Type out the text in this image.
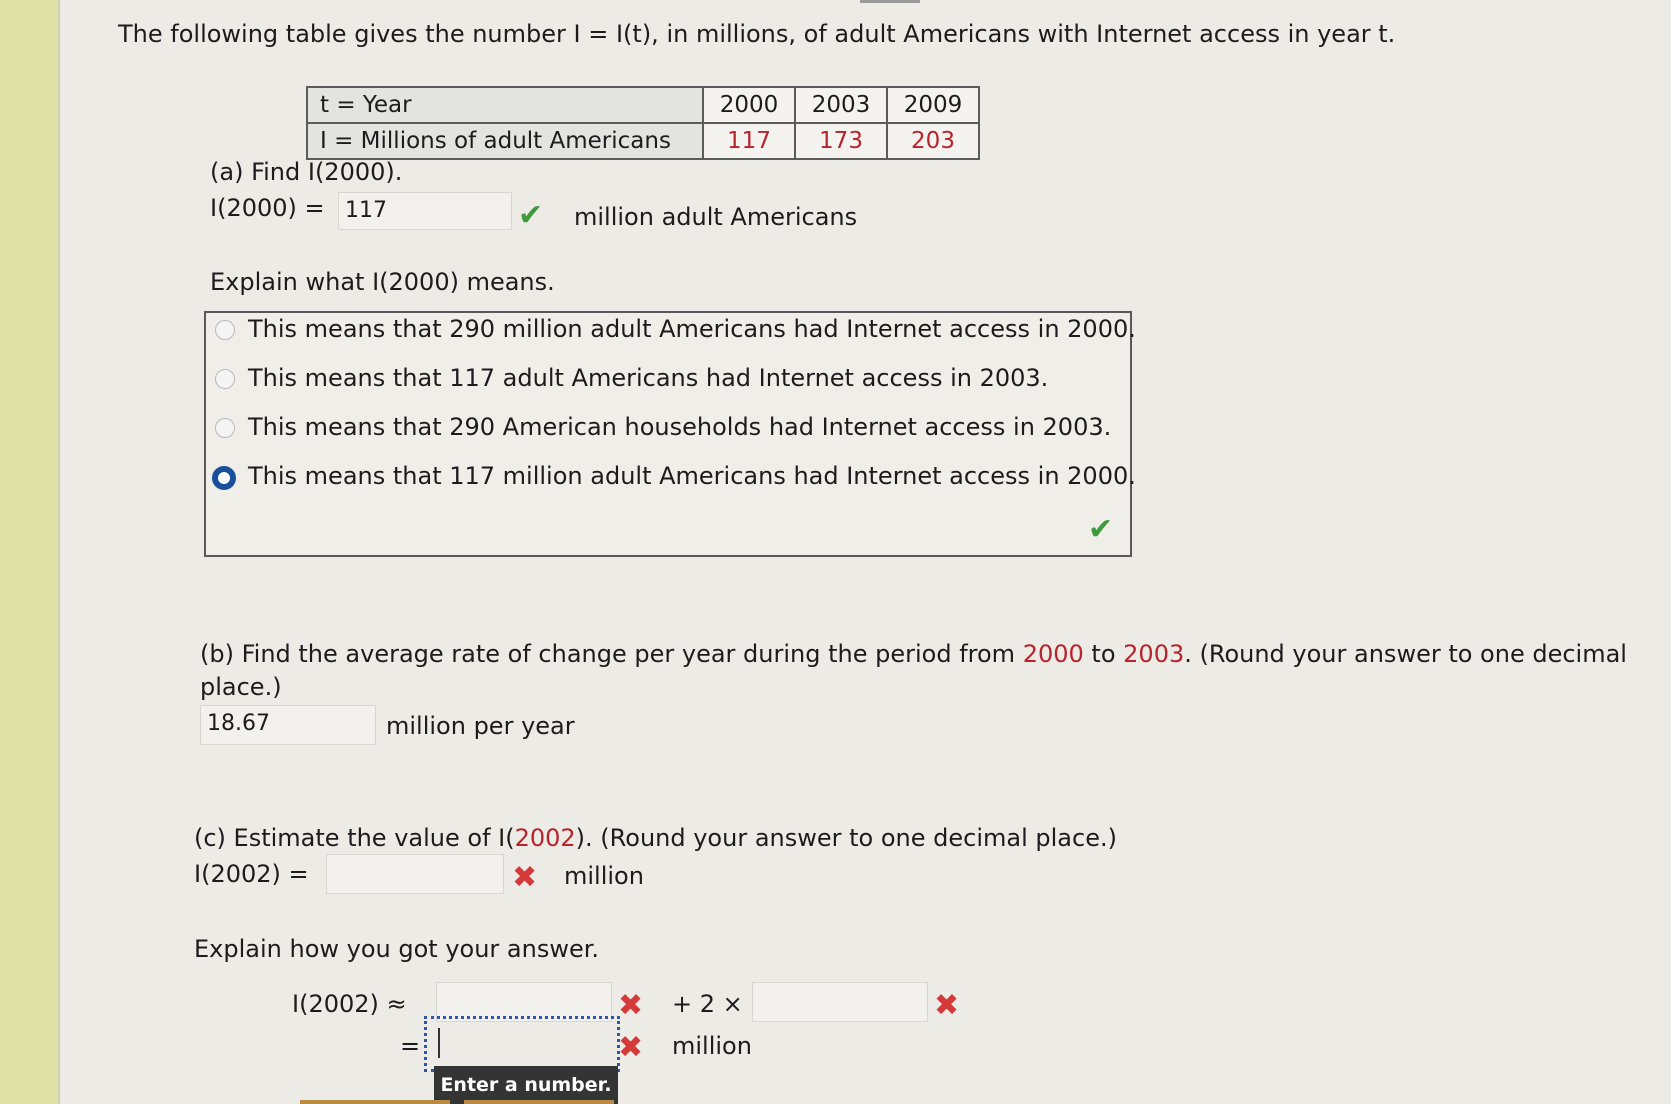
The following table gives the number I = I(t), in millions, of adult Americans with Internet access in year t.
t = Year	2000	2003	2009
I = Millions of adult Americans	117	173	203
(a) Find I(2000).
I(2000) = 117	✔ million adult Americans
Explain what I(2000) means.
This means that 290 million adult Americans had Internet access in 2000.
This means that 117 adult Americans had Internet access in 2003.
This means that 290 American households had Internet access in 2003.
This means that 117 million adult Americans had Internet access in 2000.
✔
(b) Find the average rate of change per year during the period from 2000 to 2003. (Round your answer to one decimal
place.)
18.67	million per year
(c) Estimate the value of I(2002). (Round your answer to one decimal place.)
I(2002) =	✖ million
Explain how you got your answer.
I(2002) ≈	✖ + 2 ×	✖
=	✖ million
Enter a number.
